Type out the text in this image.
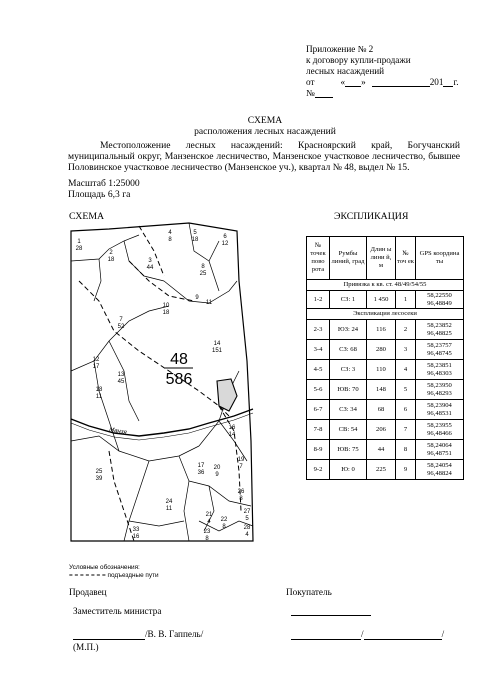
Приложение № 2
к договору купли-продажи
лесных насаждений
от	« »	201 г.
№
СХЕМА
расположения лесных насаждений
Местоположение лесных насаждений: Красноярский край, Богучанский муниципальный округ, Манзенское лесничество, Манзенское участковое лесничество, бывшее Половинское участковое лесничество (Манзенское уч.), квартал № 48, выдел № 15.
Масштаб 1:25000
Площадь 6,3 га
СХЕМА	ЭКСПЛИКАЦИЯ
1
28
2
18	3
44
4
8
5
18	6
12
7
52
8
25
9
10
18
11
12
17
13
45
14
151
16
14
17
36
18
11
19
7
20
9
21
4 22
8
23
8
24
11
25
39
26
8
27
5
28
4
33
16
48
586
Манзя
№ точек пово рота	Румбы линий, град	Длин ы лини й, м	№ точ ек	GPS координа ты
Привязка к кв. ст. 48/49/54/55				
1-2	СЗ: 1	1 450	1	58,22550
96,48849

Экспликация лесосеки				
2-3	ЮЗ: 24	116	2	58,23852
96,48825

3-4	СЗ: 68	280	3	58,23757
96,48745

4-5	СЗ: 3	110	4	58,23851
96,48303

5-6	ЮВ: 70	148	5	58,23950
96,48293

6-7	СЗ: 34	68	6	58,23904
96,48531

7-8	СВ: 54	206	7	58,23955
96,48466

8-9	ЮВ: 75	44	8	58,24064
96,48751

9-2	Ю: 0	225	9	58,24054
96,48824
Условные обозначения:
= = = = = = = подъездные пути
Продавец	Покупатель
Заместитель министра
/В. В. Гаппель/	/	/
(М.П.)
